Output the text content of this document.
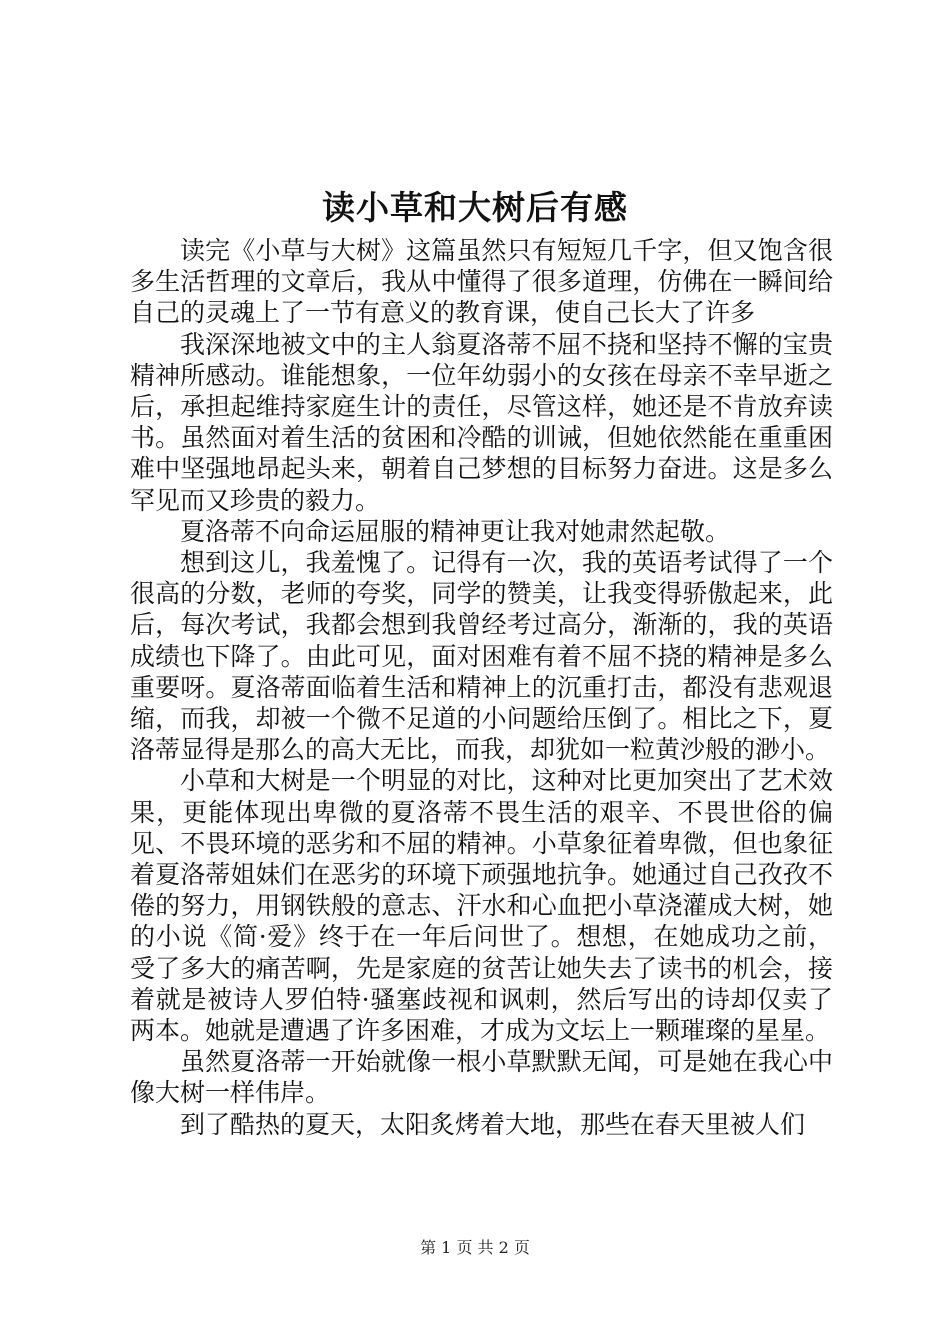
读小草和大树后有感

读完《小草与大树》这篇虽然只有短短几千字，但又饱含很多生活哲理的文章后，我从中懂得了很多道理，仿佛在一瞬间给自己的灵魂上了一节有意义的教育课，使自己长大了许多

我深深地被文中的主人翁夏洛蒂不屈不挠和坚持不懈的宝贵精神所感动。谁能想象，一位年幼弱小的女孩在母亲不幸早逝之后，承担起维持家庭生计的责任，尽管这样，她还是不肯放弃读书。虽然面对着生活的贫困和冷酷的训诫，但她依然能在重重困难中坚强地昂起头来，朝着自己梦想的目标努力奋进。这是多么罕见而又珍贵的毅力。

夏洛蒂不向命运屈服的精神更让我对她肃然起敬。

想到这儿，我羞愧了。记得有一次，我的英语考试得了一个很高的分数，老师的夸奖，同学的赞美，让我变得骄傲起来，此后，每次考试，我都会想到我曾经考过高分，渐渐的，我的英语成绩也下降了。由此可见，面对困难有着不屈不挠的精神是多么重要呀。夏洛蒂面临着生活和精神上的沉重打击，都没有悲观退缩，而我，却被一个微不足道的小问题给压倒了。相比之下，夏洛蒂显得是那么的高大无比，而我，却犹如一粒黄沙般的渺小。

小草和大树是一个明显的对比，这种对比更加突出了艺术效果，更能体现出卑微的夏洛蒂不畏生活的艰辛、不畏世俗的偏见、不畏环境的恶劣和不屈的精神。小草象征着卑微，但也象征着夏洛蒂姐妹们在恶劣的环境下顽强地抗争。她通过自己孜孜不倦的努力，用钢铁般的意志、汗水和心血把小草浇灌成大树，她的小说《简·爱》终于在一年后问世了。想想，在她成功之前，受了多大的痛苦啊，先是家庭的贫苦让她失去了读书的机会，接着就是被诗人罗伯特·骚塞歧视和讽刺，然后写出的诗却仅卖了两本。她就是遭遇了许多困难，才成为文坛上一颗璀璨的星星。

虽然夏洛蒂一开始就像一根小草默默无闻，可是她在我心中像大树一样伟岸。

到了酷热的夏天，太阳炙烤着大地，那些在春天里被人们

第 1 页 共 2 页
